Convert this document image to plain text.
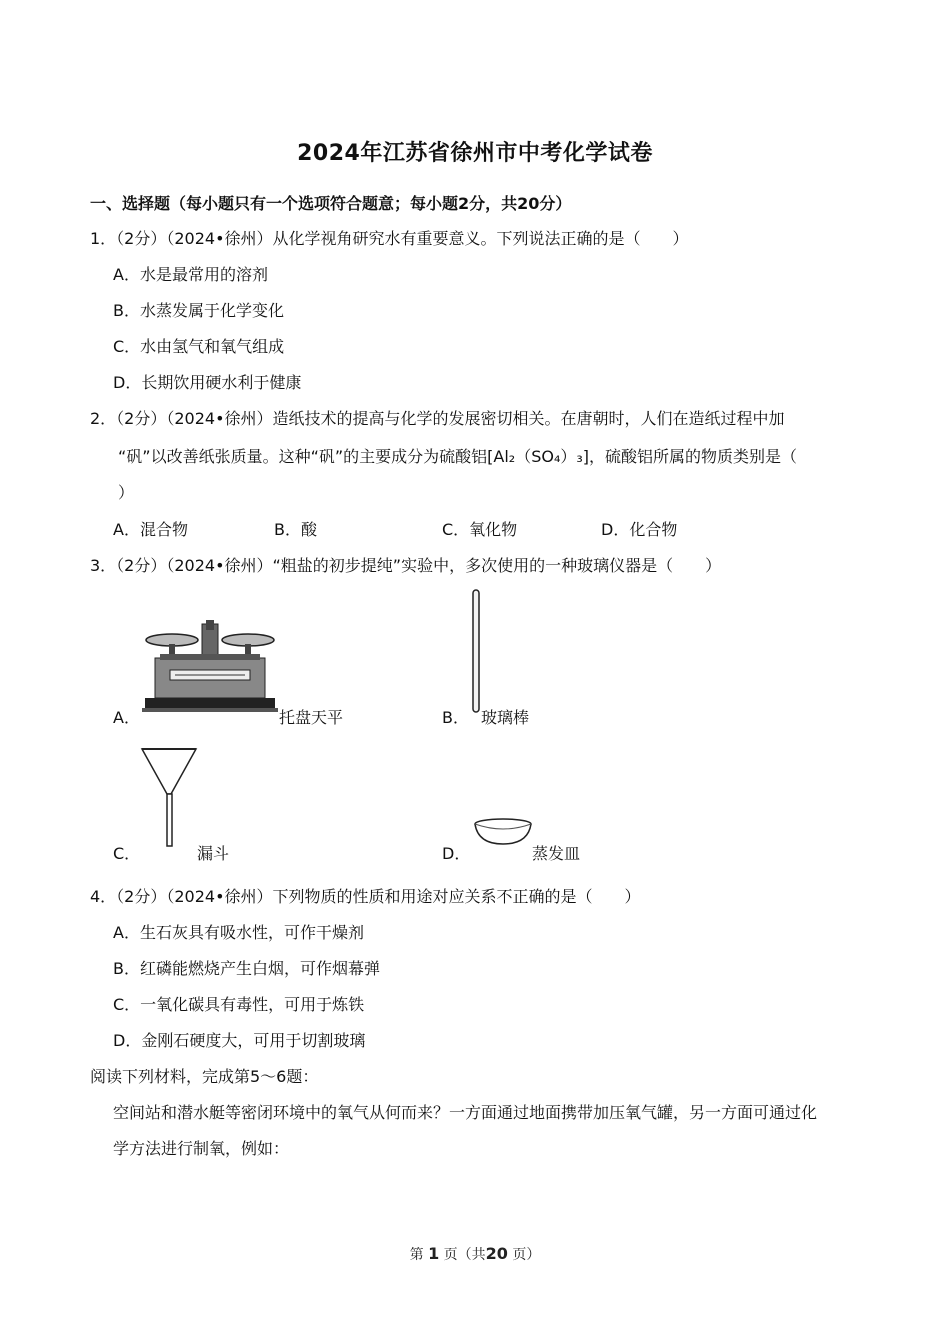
2024年江苏省徐州市中考化学试卷
一、选择题（每小题只有一个选项符合题意；每小题2分，共20分）
1．（2分）（2024•徐州）从化学视角研究水有重要意义。下列说法正确的是（　　）
A．水是最常用的溶剂
B．水蒸发属于化学变化
C．水由氢气和氧气组成
D．长期饮用硬水利于健康
2．（2分）（2024•徐州）造纸技术的提高与化学的发展密切相关。在唐朝时，人们在造纸过程中加
“矾”以改善纸张质量。这种“矾”的主要成分为硫酸铝[Al₂（SO₄）₃]，硫酸铝所属的物质类别是（
）
A．混合物	B．酸	C．氧化物	D．化合物
3．（2分）（2024•徐州）“粗盐的初步提纯”实验中，多次使用的一种玻璃仪器是（　　）
A．	托盘天平	B． 玻璃棒
C．	漏斗	D．	蒸发皿
4．（2分）（2024•徐州）下列物质的性质和用途对应关系不正确的是（　　）
A．生石灰具有吸水性，可作干燥剂
B．红磷能燃烧产生白烟，可作烟幕弹
C．一氧化碳具有毒性，可用于炼铁
D．金刚石硬度大，可用于切割玻璃
阅读下列材料，完成第5～6题：
空间站和潜水艇等密闭环境中的氧气从何而来？一方面通过地面携带加压氧气罐，另一方面可通过化
学方法进行制氧，例如：
第 1 页（共20 页）
